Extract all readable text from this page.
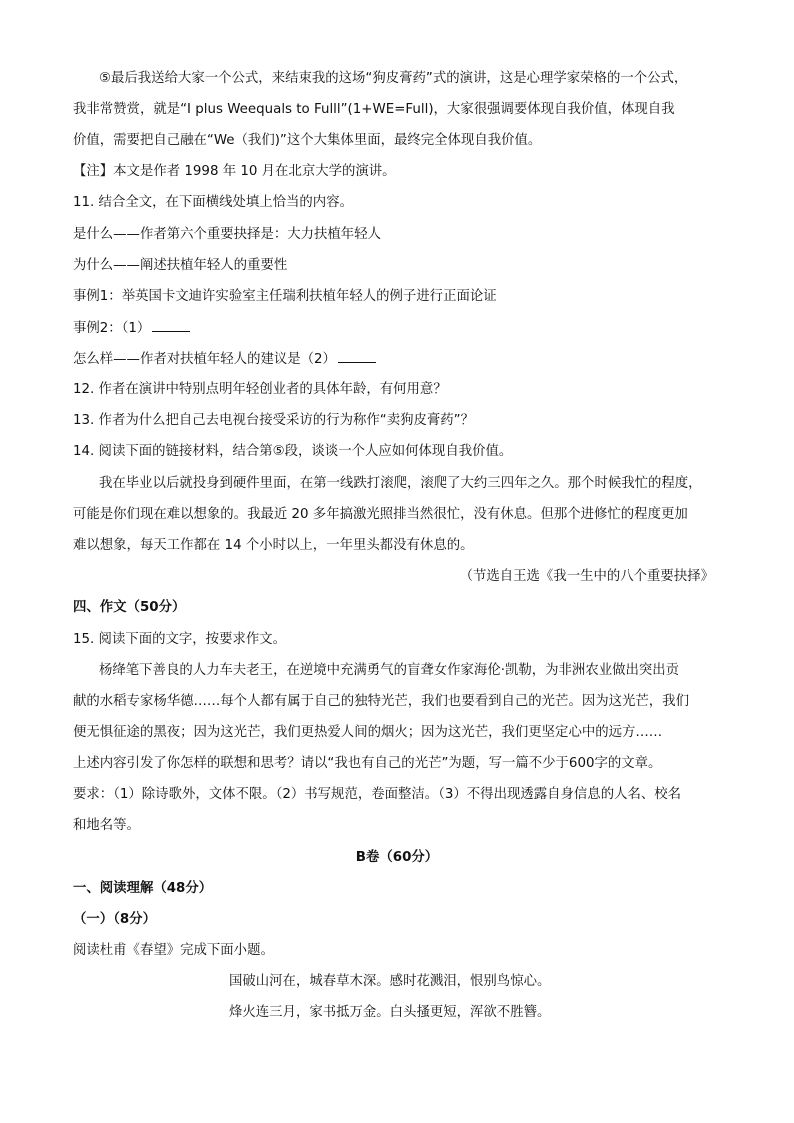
⑤最后我送给大家一个公式，来结束我的这场“狗皮膏药”式的演讲，这是心理学家荣格的一个公式，
我非常赞赏，就是“I plus Weequals to Fulll”(1+WE=Full)，大家很强调要体现自我价值，体现自我
价值，需要把自己融在“We（我们)”这个大集体里面，最终完全体现自我价值。
【注】本文是作者 1998 年 10 月在北京大学的演讲。
11. 结合全文，在下面横线处填上恰当的内容。
是什么——作者第六个重要抉择是：大力扶植年轻人
为什么——阐述扶植年轻人的重要性
事例1：举英国卡文迪许实验室主任瑞利扶植年轻人的例子进行正面论证
事例2：（1）
怎么样——作者对扶植年轻人的建议是（2）
12. 作者在演讲中特别点明年轻创业者的具体年龄，有何用意？
13. 作者为什么把自己去电视台接受采访的行为称作“卖狗皮膏药”？
14. 阅读下面的链接材料，结合第⑤段，谈谈一个人应如何体现自我价值。
我在毕业以后就投身到硬件里面，在第一线跌打滚爬，滚爬了大约三四年之久。那个时候我忙的程度，
可能是你们现在难以想象的。我最近 20 多年搞激光照排当然很忙，没有休息。但那个进修忙的程度更加
难以想象，每天工作都在 14 个小时以上，一年里头都没有休息的。
（节选自王选《我一生中的八个重要抉择》
四、作文（50分）
15. 阅读下面的文字，按要求作文。
杨绛笔下善良的人力车夫老王，在逆境中充满勇气的盲聋女作家海伦·凯勒，为非洲农业做出突出贡
献的水稻专家杨华德……每个人都有属于自己的独特光芒，我们也要看到自己的光芒。因为这光芒，我们
便无惧征途的黑夜；因为这光芒，我们更热爱人间的烟火；因为这光芒，我们更坚定心中的远方……
上述内容引发了你怎样的联想和思考？请以“我也有自己的光芒”为题，写一篇不少于600字的文章。
要求：（1）除诗歌外，文体不限。（2）书写规范，卷面整洁。（3）不得出现透露自身信息的人名、校名
和地名等。
B卷（60分）
一、阅读理解（48分）
（一）（8分）
阅读杜甫《春望》完成下面小题。
国破山河在，城春草木深。感时花溅泪，恨别鸟惊心。
烽火连三月，家书抵万金。白头搔更短，浑欲不胜簪。
